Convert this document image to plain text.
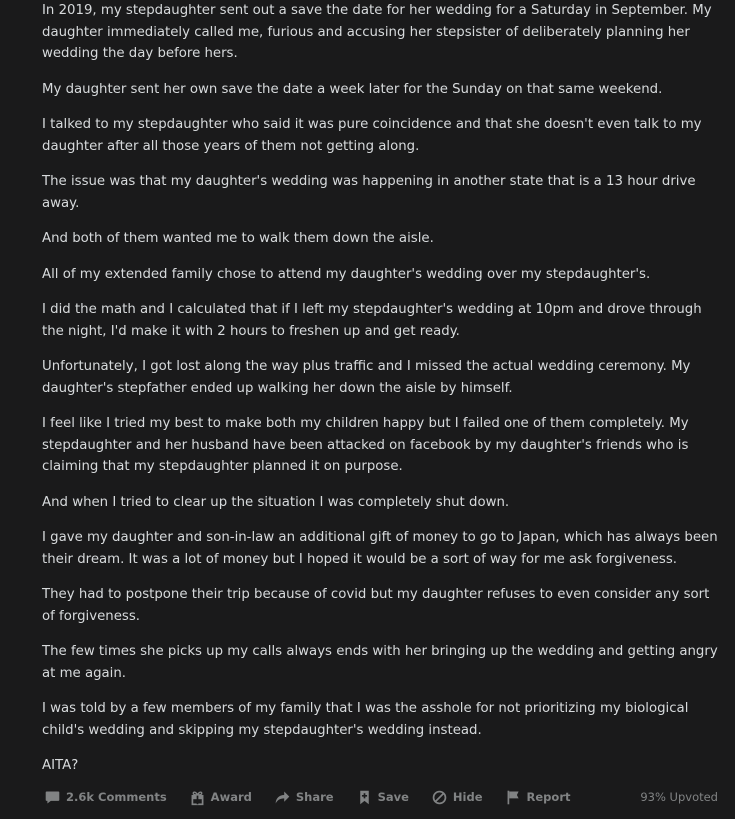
In 2019, my stepdaughter sent out a save the date for her wedding for a Saturday in September. My daughter immediately called me, furious and accusing her stepsister of deliberately planning her wedding the day before hers.

My daughter sent her own save the date a week later for the Sunday on that same weekend.

I talked to my stepdaughter who said it was pure coincidence and that she doesn't even talk to my daughter after all those years of them not getting along.

The issue was that my daughter's wedding was happening in another state that is a 13 hour drive away.

And both of them wanted me to walk them down the aisle.

All of my extended family chose to attend my daughter's wedding over my stepdaughter's.

I did the math and I calculated that if I left my stepdaughter's wedding at 10pm and drove through the night, I'd make it with 2 hours to freshen up and get ready.

Unfortunately, I got lost along the way plus traffic and I missed the actual wedding ceremony. My daughter's stepfather ended up walking her down the aisle by himself.

I feel like I tried my best to make both my children happy but I failed one of them completely. My stepdaughter and her husband have been attacked on facebook by my daughter's friends who is claiming that my stepdaughter planned it on purpose.

And when I tried to clear up the situation I was completely shut down.

I gave my daughter and son-in-law an additional gift of money to go to Japan, which has always been their dream. It was a lot of money but I hoped it would be a sort of way for me ask forgiveness.

They had to postpone their trip because of covid but my daughter refuses to even consider any sort of forgiveness.

The few times she picks up my calls always ends with her bringing up the wedding and getting angry at me again.

I was told by a few members of my family that I was the asshole for not prioritizing my biological child's wedding and skipping my stepdaughter's wedding instead.

AITA?

2.6k Comments	Award	Share	Save	Hide	Report	93% Upvoted
